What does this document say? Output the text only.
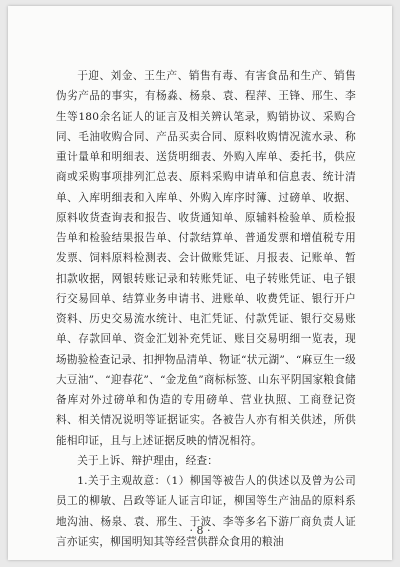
于迎、刘金、王生产、销售有毒、有害食品和生产、销售伪劣产品的事实，有杨淼、杨泉、袁、程萍、王锋、邢生、李生等180余名证人的证言及相关辨认笔录，购销协议、采购合同、毛油收购合同、产品买卖合同、原料收购情况流水录、称重计量单和明细表、送货明细表、外购入库单、委托书，供应商或采购事项排列汇总表、原料采购申请单和信息表、统计清单、入库明细表和入库单、外购入库序时簿、过磅单、收据、原料收货查询表和报告、收货通知单、原辅料检验单、质检报告单和检验结果报告单、付款结算单、普通发票和增值税专用发票、饲料原料检测表、会计做账凭证、月报表、记账单、暂扣款收据，网银转账记录和转账凭证、电子转账凭证、电子银行交易回单、结算业务申请书、进账单、收费凭证、银行开户资料、历史交易流水统计、电汇凭证、付款凭证、银行交易账单、存款回单、资金汇划补充凭证、账目交易明细一览表，现场勘验检查记录、扣押物品清单、物证“状元湖”、“麻豆生一级大豆油”、“迎春花”、“金龙鱼”商标标签、山东平阴国家粮食储备库对外过磅单和伪造的专用磅单、营业执照、工商登记资料、相关情况说明等证据证实。各被告人亦有相关供述，所供能相印证，且与上述证据反映的情况相符。

关于上诉、辩护理由，经查：

1.关于主观故意：（1）柳国等被告人的供述以及曾为公司员工的柳敏、吕政等证人证言印证，柳国等生产油品的原料系地沟油、杨泉、袁、邢生、于波、李等多名下游厂商负责人证言亦证实，柳国明知其等经营供群众食用的粮油

· 8 ·
